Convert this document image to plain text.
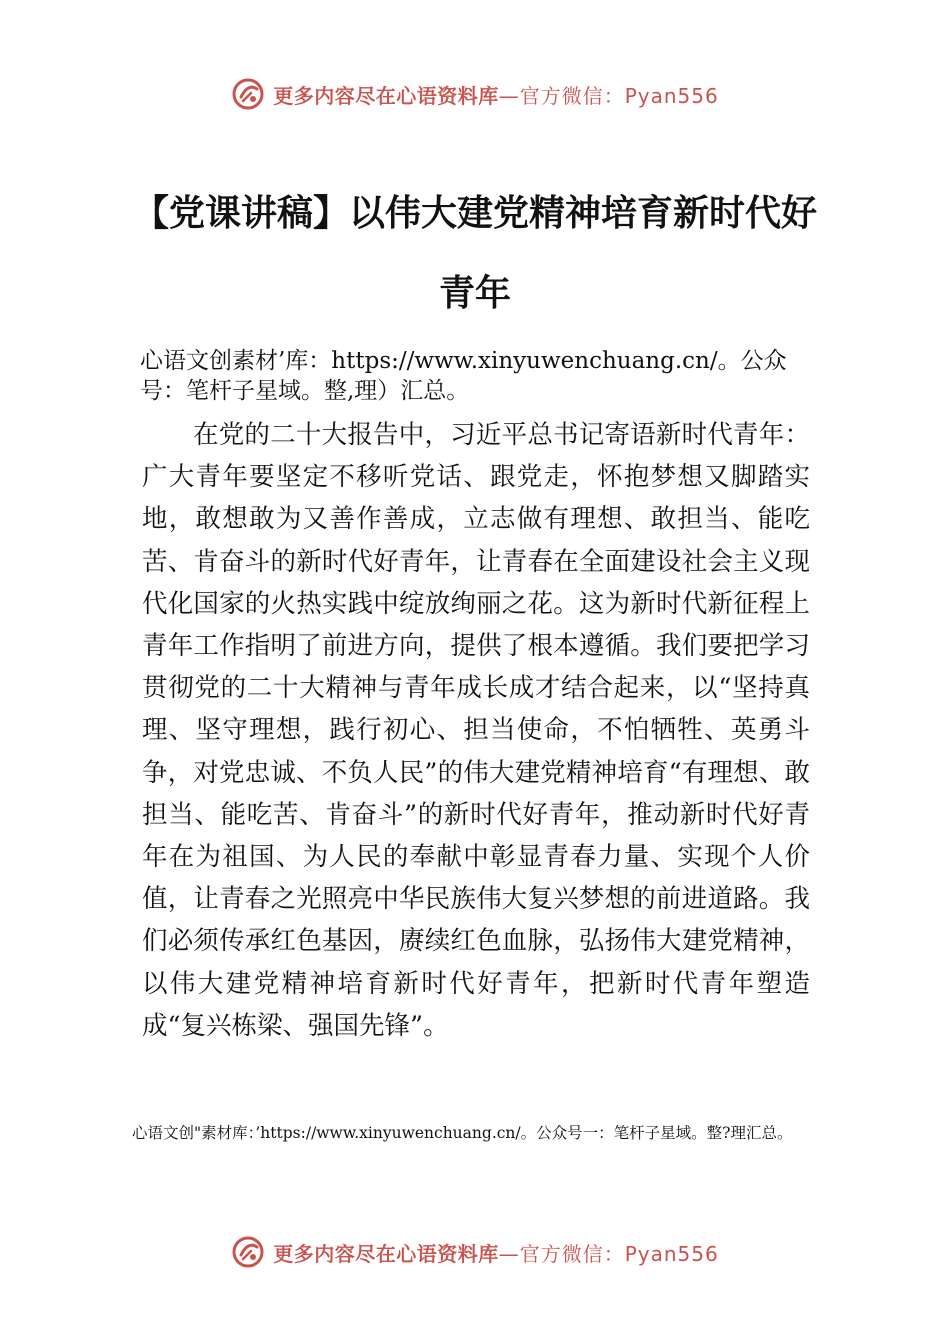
更多内容尽在心语资料库 —官方微信：Pyan556
【党课讲稿】以伟大建党精神培育新时代好青年

心语文创素材’库：https://www.xinyuwenchuang.cn/。公众号：笔杆子星域。整,理）汇总。

在党的二十大报告中，习近平总书记寄语新时代青年：广大青年要坚定不移听党话、跟党走，怀抱梦想又脚踏实地，敢想敢为又善作善成，立志做有理想、敢担当、能吃苦、肯奋斗的新时代好青年，让青春在全面建设社会主义现代化国家的火热实践中绽放绚丽之花。这为新时代新征程上青年工作指明了前进方向，提供了根本遵循。我们要把学习贯彻党的二十大精神与青年成长成才结合起来，以“坚持真理、坚守理想，践行初心、担当使命，不怕牺牲、英勇斗争，对党忠诚、不负人民”的伟大建党精神培育“有理想、敢担当、能吃苦、肯奋斗”的新时代好青年，推动新时代好青年在为祖国、为人民的奉献中彰显青春力量、实现个人价值，让青春之光照亮中华民族伟大复兴梦想的前进道路。我们必须传承红色基因，赓续红色血脉，弘扬伟大建党精神，以伟大建党精神培育新时代好青年，把新时代青年塑造成“复兴栋梁、强国先锋”。

心语文创"素材库：’https://www.xinyuwenchuang.cn/。公众号一：笔杆子星域。整?理汇总。

更多内容尽在心语资料库 —官方微信：Pyan556
